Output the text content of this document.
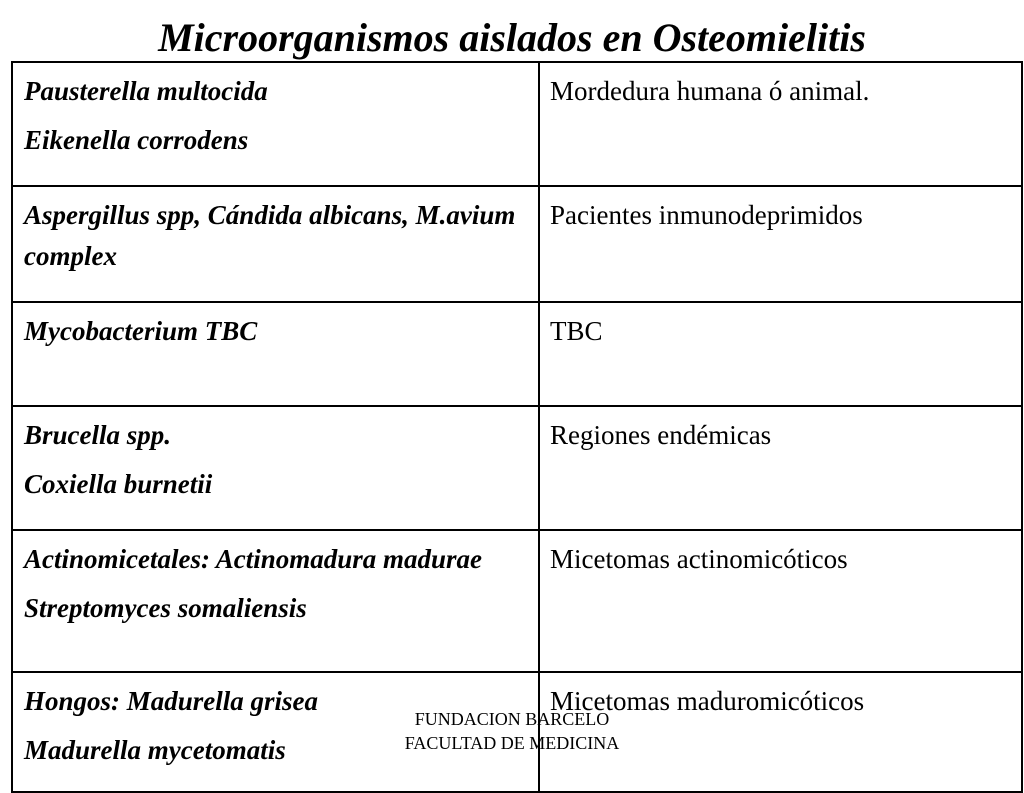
Microorganismos aislados en Osteomielitis
Pausterella multocida
Eikenella corrodens	Mordedura humana ó animal.

Aspergillus spp, Cándida albicans, M.avium complex	Pacientes inmunodeprimidos

Mycobacterium TBC	TBC

Brucella spp.
Coxiella burnetii	Regiones endémicas

Actinomicetales: Actinomadura madurae
Streptomyces somaliensis	Micetomas actinomicóticos

Hongos: Madurella grisea
Madurella mycetomatis	Micetomas maduromicóticos
FUNDACION BARCELO
FACULTAD DE MEDICINA
